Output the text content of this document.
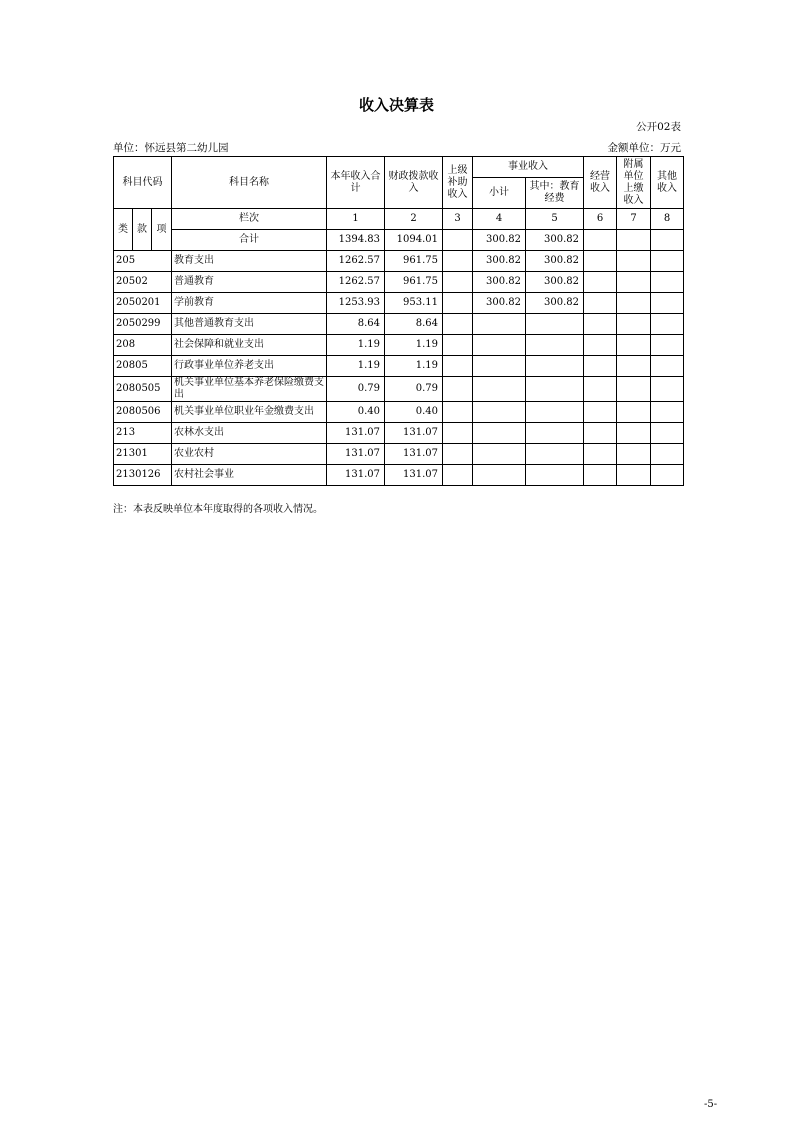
收入决算表
公开02表
单位：怀远县第二幼儿园	金额单位：万元
科目代码			科目名称	本年收入合计	财政拨款收入	上级补助收入	事业收入		经营收入	附属单位上缴收入	其他收入
							小计	其中：教育经费			
类	款	项	栏次	1	2	3	4	5	6	7	8
			合计	1394.83	1094.01		300.82	300.82			
205			教育支出	1262.57	961.75		300.82	300.82			
20502			普通教育	1262.57	961.75		300.82	300.82			
2050201			学前教育	1253.93	953.11		300.82	300.82			
2050299			其他普通教育支出	8.64	8.64						
208			社会保障和就业支出	1.19	1.19						
20805			行政事业单位养老支出	1.19	1.19						
2080505			机关事业单位基本养老保险缴费支出	0.79	0.79						
2080506			机关事业单位职业年金缴费支出	0.40	0.40						
213			农林水支出	131.07	131.07						
21301			农业农村	131.07	131.07						
2130126			农村社会事业	131.07	131.07						
注：本表反映单位本年度取得的各项收入情况。
-5-
